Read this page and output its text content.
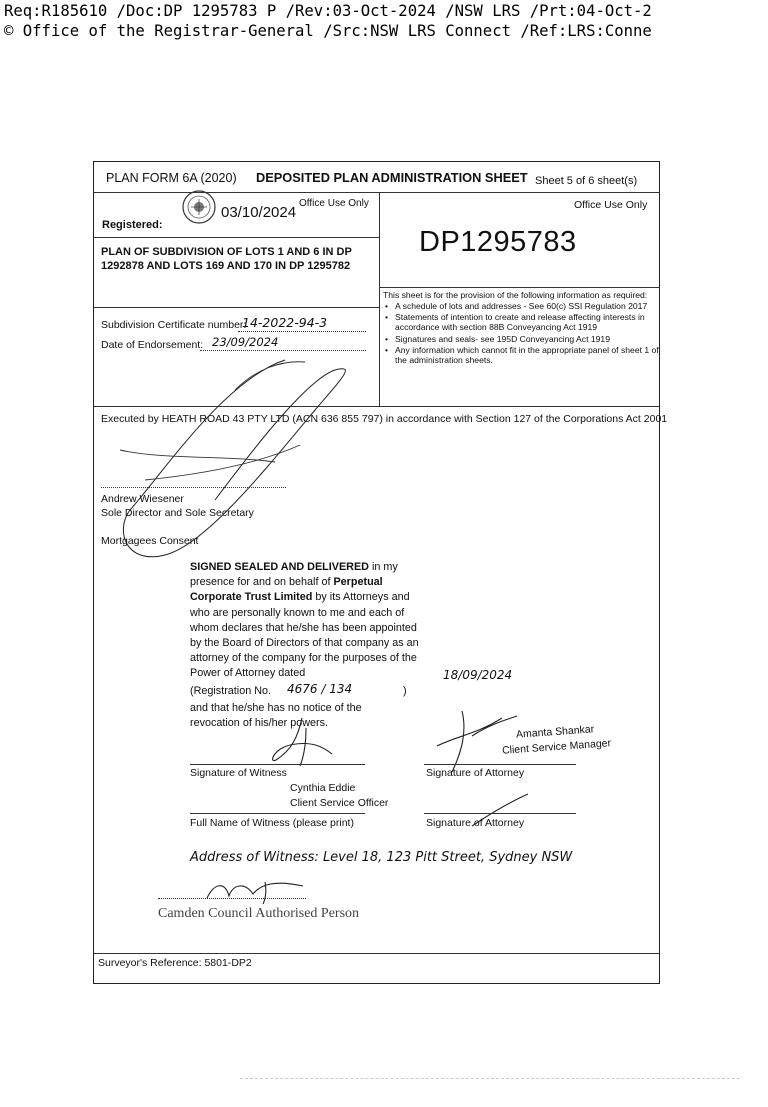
Req:R185610 /Doc:DP 1295783 P /Rev:03-Oct-2024 /NSW LRS /Prt:04-Oct-2
© Office of the Registrar-General /Src:NSW LRS Connect /Ref:LRS:Conne
PLAN FORM 6A (2020) DEPOSITED PLAN ADMINISTRATION SHEET Sheet 5 of 6 sheet(s)
Registered:
03/10/2024
Office Use Only	Office Use Only
DP1295783
PLAN OF SUBDIVISION OF LOTS 1 AND 6 IN DP 1292878 AND LOTS 169 AND 170 IN DP 1295782
This sheet is for the provision of the following information as required:
• A schedule of lots and addresses - See 60(c) SSI Regulation 2017
• Statements of intention to create and release affecting interests in accordance with section 88B Conveyancing Act 1919
• Signatures and seals- see 195D Conveyancing Act 1919
• Any information which cannot fit in the appropriate panel of sheet 1 of the administration sheets.
Subdivision Certificate number:
14-2022-94-3
Date of Endorsement: 23/09/2024
Executed by HEATH ROAD 43 PTY LTD (ACN 636 855 797) in accordance with Section 127 of the Corporations Act 2001
Andrew Wiesener
Sole Director and Sole Secretary
Mortgagees Consent
SIGNED SEALED AND DELIVERED in my presence for and on behalf of Perpetual Corporate Trust Limited by its Attorneys and who are personally known to me and each of whom declares that he/she has been appointed by the Board of Directors of that company as an attorney of the company for the purposes of the Power of Attorney dated	18/09/2024
(Registration No. 4676 / 134	)
and that he/she has no notice of the revocation of his/her powers.
Amanta Shankar
Client Service Manager
Signature of Witness	Signature of Attorney
Cynthia Eddie
Client Service Officer
Full Name of Witness (please print)	Signature of Attorney
Address of Witness: Level 18, 123 Pitt Street, Sydney NSW
Camden Council Authorised Person
Surveyor's Reference: 5801-DP2
